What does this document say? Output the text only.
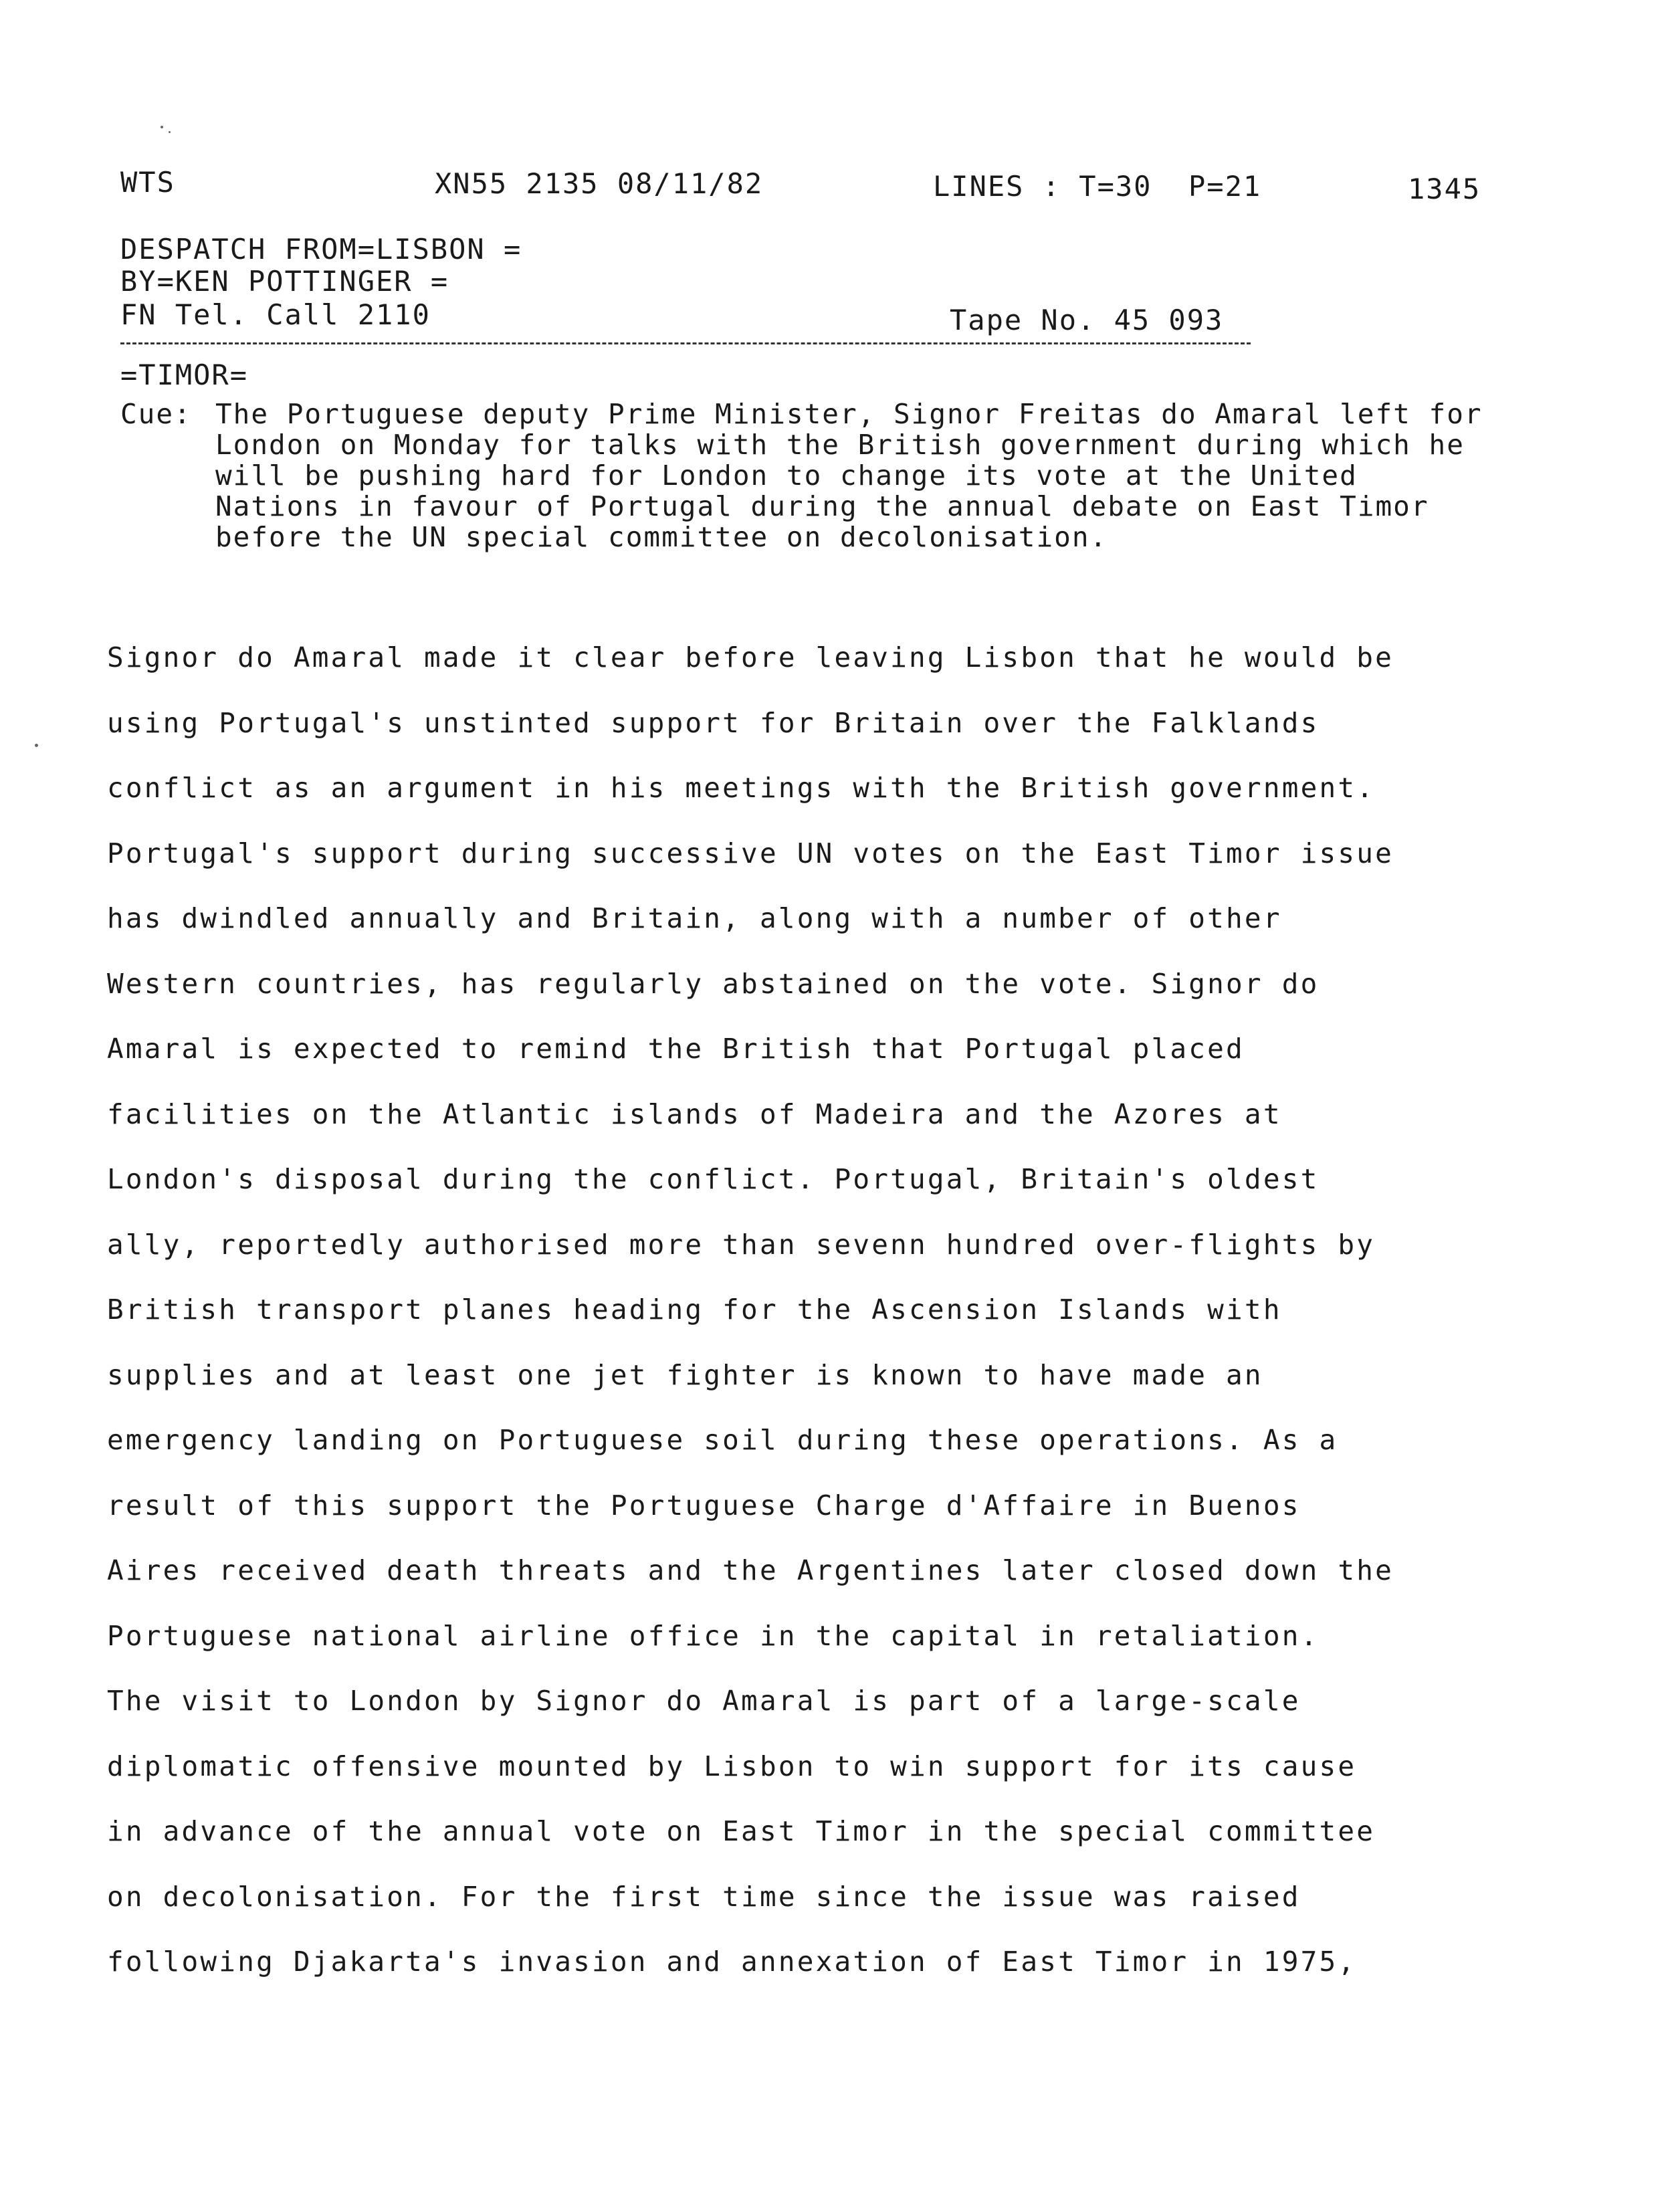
WTS	XN55 2135 08/11/82	LINES : T=30  P=21	1345
DESPATCH FROM=LISBON =
BY=KEN POTTINGER =
FN Tel. Call 2110	Tape No. 45 093
=TIMOR=
Cue: The Portuguese deputy Prime Minister, Signor Freitas do Amaral left for London on Monday for talks with the British government during which he will be pushing hard for London to change its vote at the United Nations in favour of Portugal during the annual debate on East Timor before the UN special committee on decolonisation.

Signor do Amaral made it clear before leaving Lisbon that he would be

using Portugal's unstinted support for Britain over the Falklands

conflict as an argument in his meetings with the British government.

Portugal's support during successive UN votes on the East Timor issue

has dwindled annually and Britain, along with a number of other

Western countries, has regularly abstained on the vote. Signor do

Amaral is expected to remind the British that Portugal placed

facilities on the Atlantic islands of Madeira and the Azores at

London's disposal during the conflict. Portugal, Britain's oldest

ally, reportedly authorised more than sevenn hundred over-flights by

British transport planes heading for the Ascension Islands with

supplies and at least one jet fighter is known to have made an

emergency landing on Portuguese soil during these operations. As a

result of this support the Portuguese Charge d'Affaire in Buenos

Aires received death threats and the Argentines later closed down the

Portuguese national airline office in the capital in retaliation.

The visit to London by Signor do Amaral is part of a large-scale

diplomatic offensive mounted by Lisbon to win support for its cause

in advance of the annual vote on East Timor in the special committee

on decolonisation. For the first time since the issue was raised

following Djakarta's invasion and annexation of East Timor in 1975,
